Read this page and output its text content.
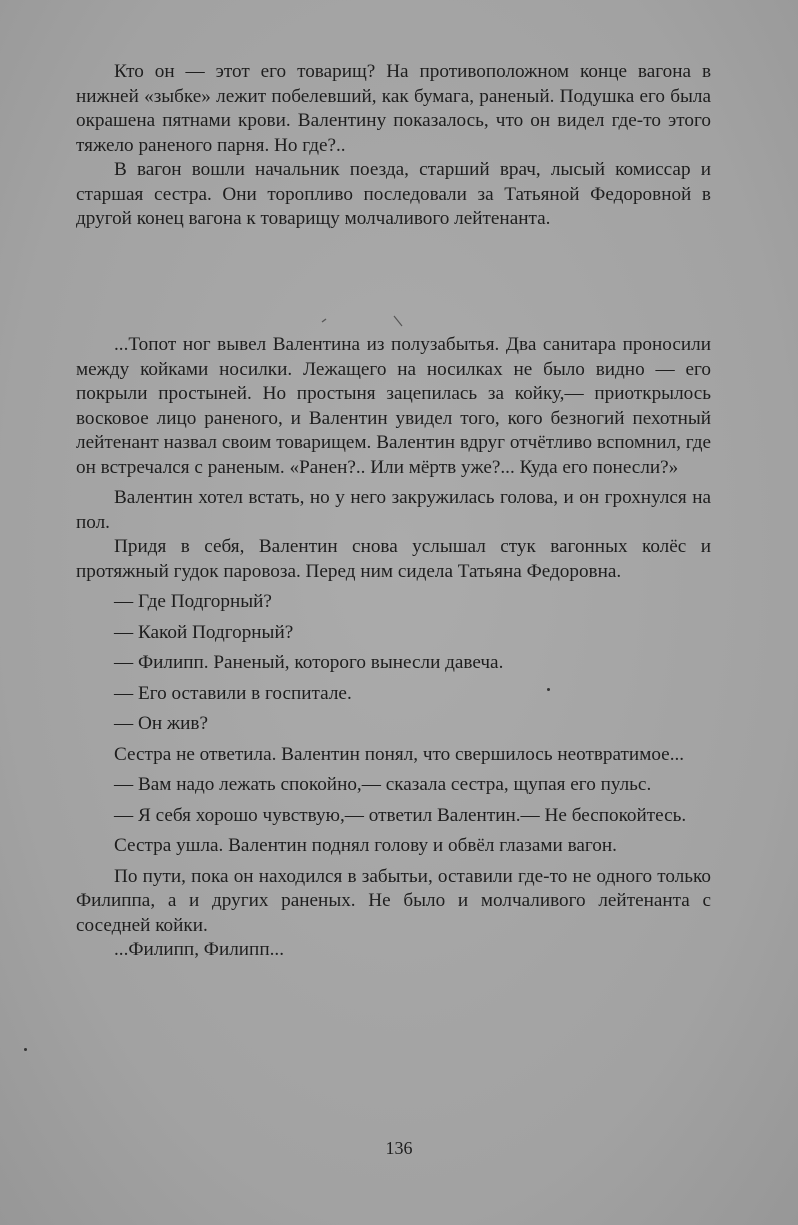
Кто он — этот его товарищ? На противоположном конце вагона в нижней «зыбке» лежит побелевший, как бумага, раненый. Подушка его была окрашена пятнами крови. Валентину показалось, что он видел где-то этого тяжело раненого парня. Но где?..

В вагон вошли начальник поезда, старший врач, лысый комиссар и старшая сестра. Они торопливо последовали за Татьяной Федоровной в другой конец вагона к товарищу молчаливого лейтенанта.

...Топот ног вывел Валентина из полузабытья. Два санитара проносили между койками носилки. Лежащего на носилках не было видно — его покрыли простыней. Но простыня зацепилась за койку,— приоткрылось восковое лицо раненого, и Валентин увидел того, кого безногий пехотный лейтенант назвал своим товарищем. Валентин вдруг отчётливо вспомнил, где он встречался с раненым. «Ранен?.. Или мёртв уже?... Куда его понесли?»

Валентин хотел встать, но у него закружилась голова, и он грохнулся на пол.

Придя в себя, Валентин снова услышал стук вагонных колёс и протяжный гудок паровоза. Перед ним сидела Татьяна Федоровна.

— Где Подгорный?

— Какой Подгорный?

— Филипп. Раненый, которого вынесли давеча.

— Его оставили в госпитале.

— Он жив?

Сестра не ответила. Валентин понял, что свершилось неотвратимое...

— Вам надо лежать спокойно,— сказала сестра, щупая его пульс.

— Я себя хорошо чувствую,— ответил Валентин.— Не беспокойтесь.

Сестра ушла. Валентин поднял голову и обвёл глазами вагон.

По пути, пока он находился в забытьи, оставили где-то не одного только Филиппа, а и других раненых. Не было и молчаливого лейтенанта с соседней койки.

...Филипп, Филипп...

136
